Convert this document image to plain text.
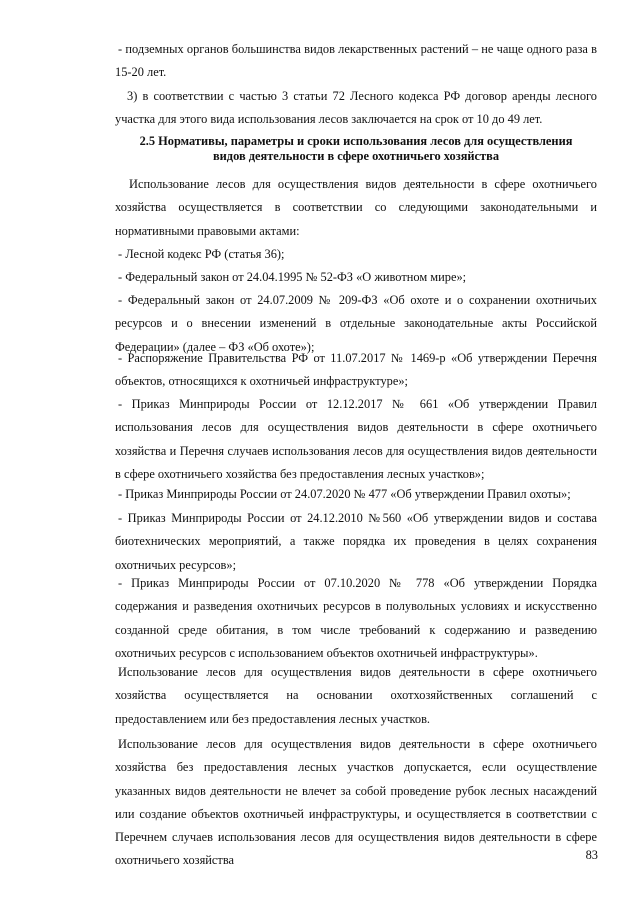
- подземных органов большинства видов лекарственных растений – не чаще одного раза в 15-20 лет.

3) в соответствии с частью 3 статьи 72 Лесного кодекса РФ договор аренды лесного участка для этого вида использования лесов заключается на срок от 10 до 49 лет.

2.5 Нормативы, параметры и сроки использования лесов для осуществления

видов деятельности в сфере охотничьего хозяйства

Использование лесов для осуществления видов деятельности в сфере охотничьего хозяйства осуществляется в соответствии со следующими законодательными и нормативными правовыми актами:

- Лесной кодекс РФ (статья 36);

- Федеральный закон от 24.04.1995 № 52-ФЗ «О животном мире»;

- Федеральный закон от 24.07.2009 № 209-ФЗ «Об охоте и о сохранении охотничьих ресурсов и о внесении изменений в отдельные законодательные акты Российской Федерации» (далее – ФЗ «Об охоте»);

- Распоряжение Правительства РФ от 11.07.2017 № 1469-р «Об утверждении Перечня объектов, относящихся к охотничьей инфраструктуре»;

- Приказ Минприроды России от 12.12.2017 № 661 «Об утверждении Правил использования лесов для осуществления видов деятельности в сфере охотничьего хозяйства и Перечня случаев использования лесов для осуществления видов деятельности в сфере охотничьего хозяйства без предоставления лесных участков»;

- Приказ Минприроды России от 24.07.2020 № 477 «Об утверждении Правил охоты»;

- Приказ Минприроды России от 24.12.2010 №560 «Об утверждении видов и состава биотехнических мероприятий, а также порядка их проведения в целях сохранения охотничьих ресурсов»;

- Приказ Минприроды России от 07.10.2020 № 778 «Об утверждении Порядка содержания и разведения охотничьих ресурсов в полувольных условиях и искусственно созданной среде обитания, в том числе требований к содержанию и разведению охотничьих ресурсов с использованием объектов охотничьей инфраструктуры».

Использование лесов для осуществления видов деятельности в сфере охотничьего хозяйства осуществляется на основании охотхозяйственных соглашений с предоставлением или без предоставления лесных участков.

Использование лесов для осуществления видов деятельности в сфере охотничьего хозяйства без предоставления лесных участков допускается, если осуществление указанных видов деятельности не влечет за собой проведение рубок лесных насаждений или создание объектов охотничьей инфраструктуры, и осуществляется в соответствии с Перечнем случаев использования лесов для осуществления видов деятельности в сфере охотничьего хозяйства	83
